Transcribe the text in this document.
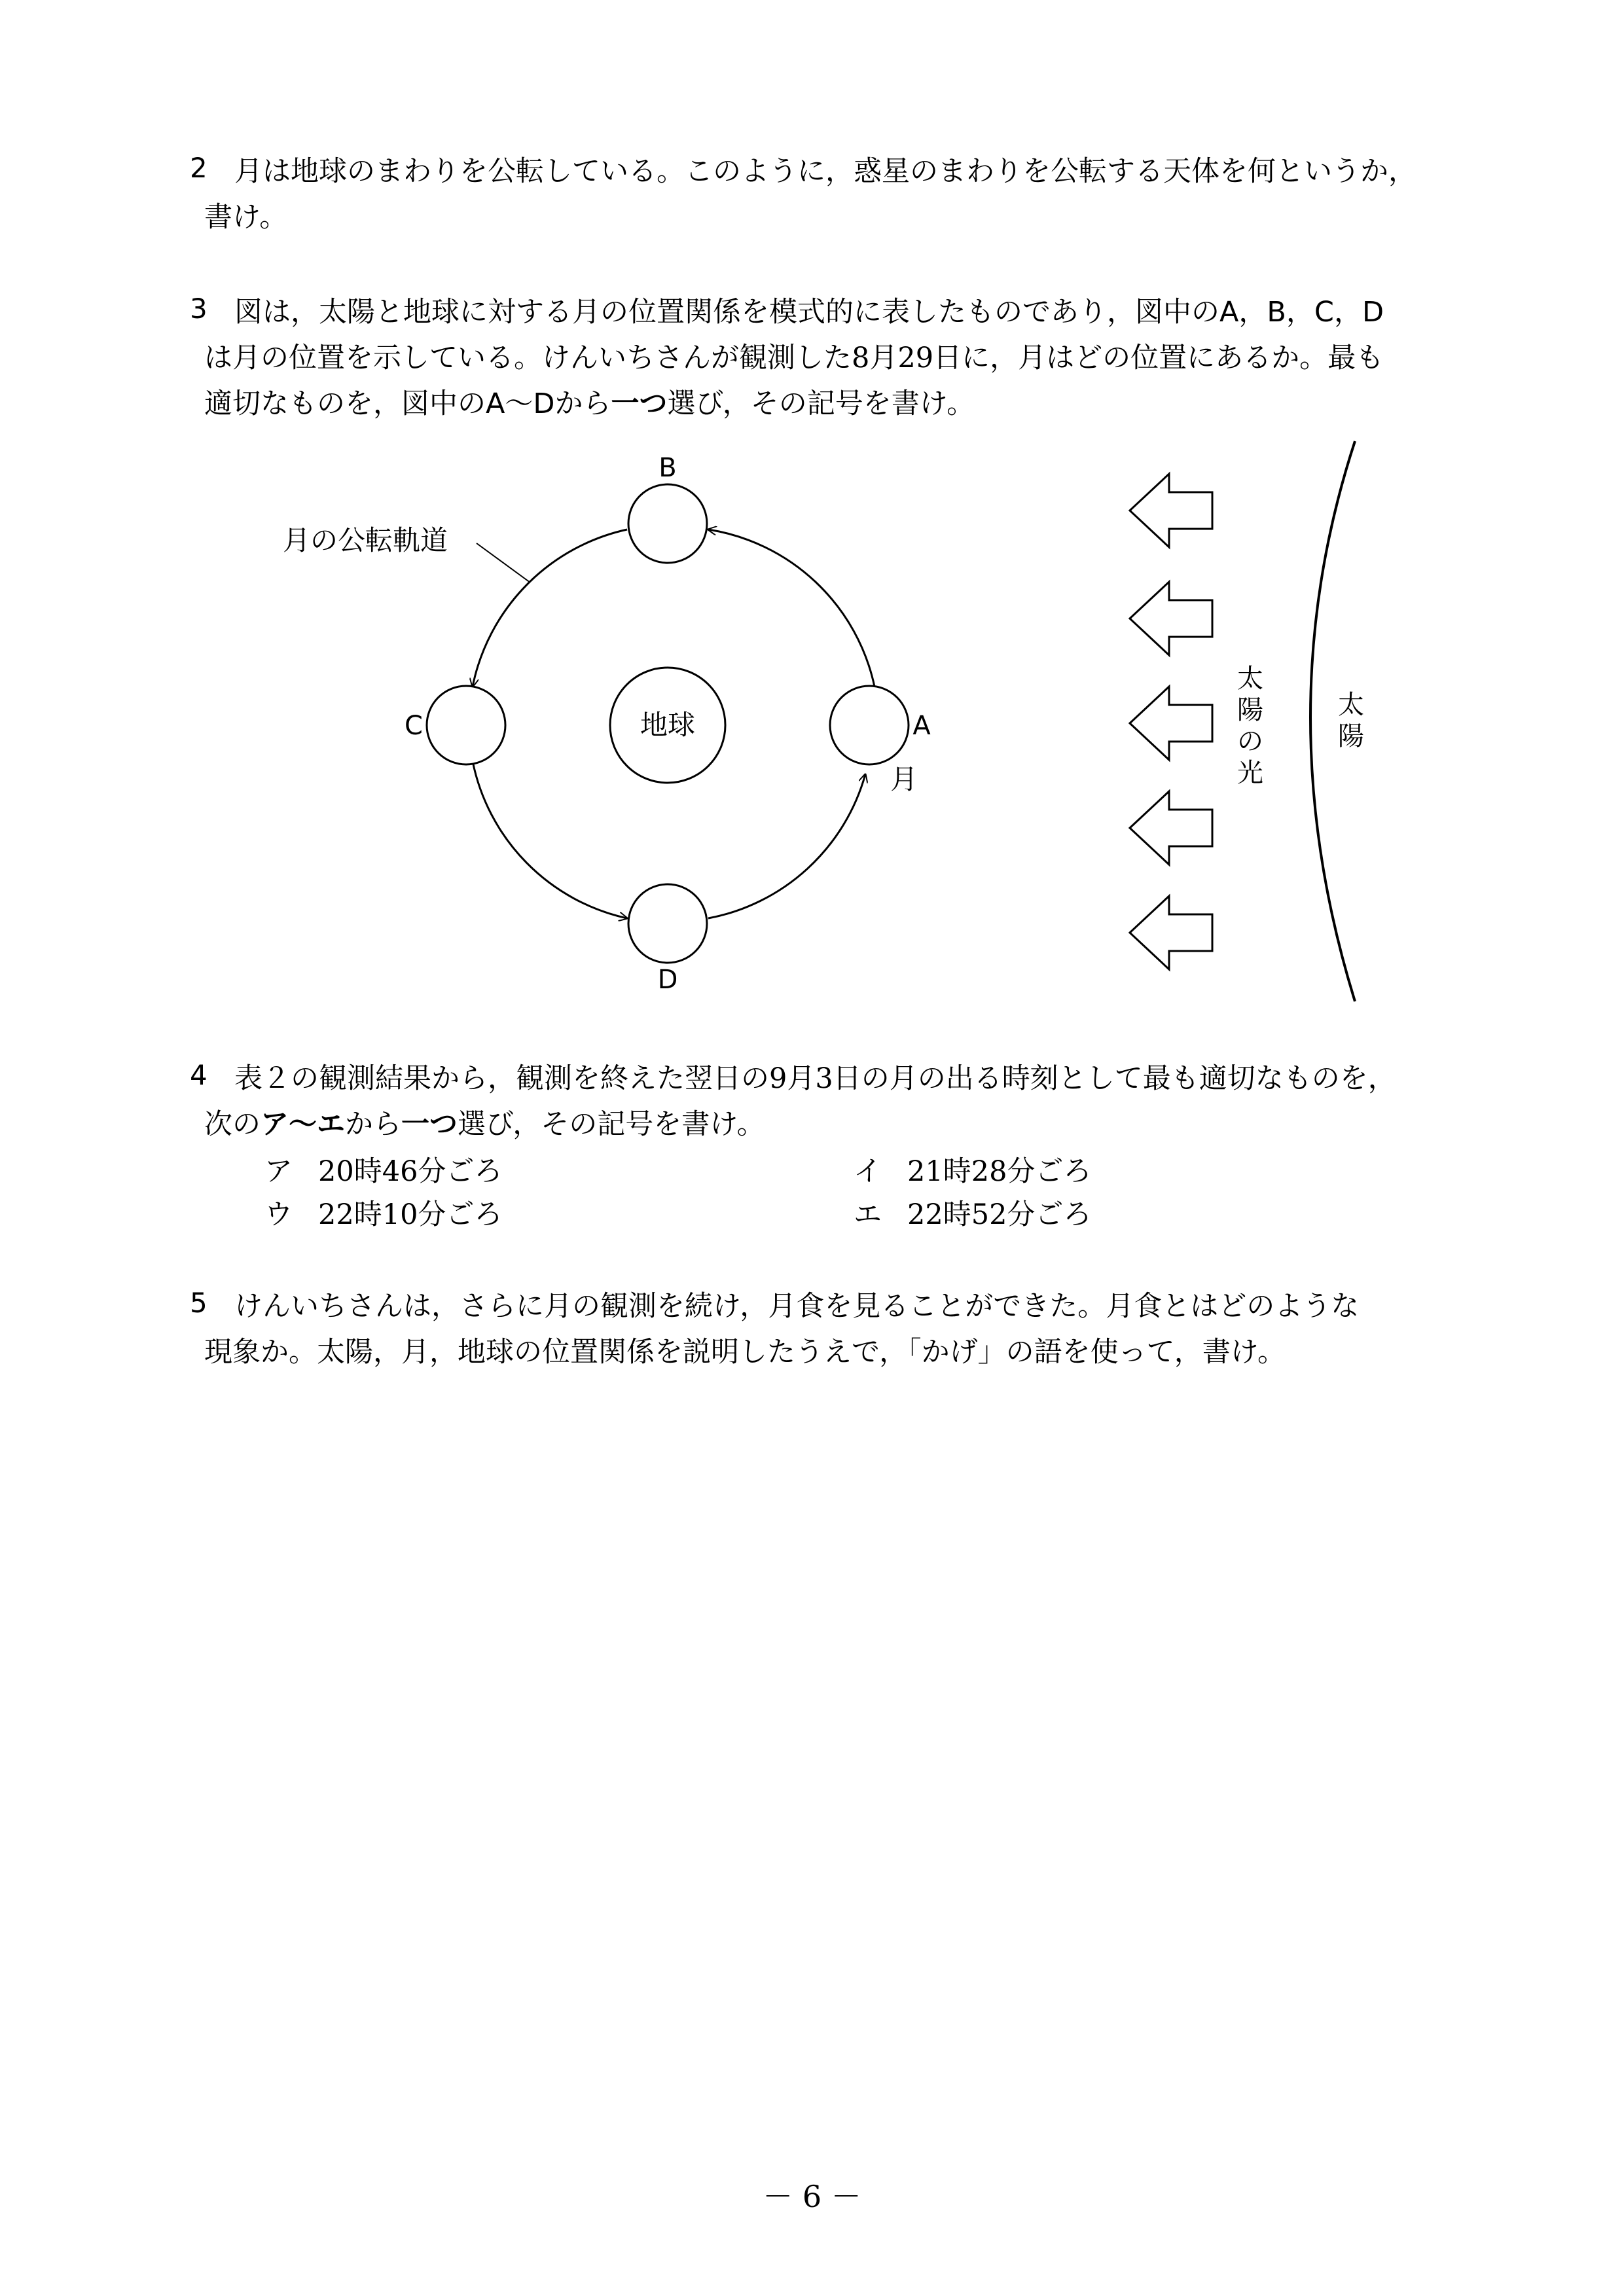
2 月は地球のまわりを公転している。このように，惑星のまわりを公転する天体を何というか，
書け。
3 図は，太陽と地球に対する月の位置関係を模式的に表したものであり，図中のA，B，C，D
は月の位置を示している。けんいちさんが観測した8月29日に，月はどの位置にあるか。最も
適切なものを，図中のA～Dから一つ選び，その記号を書け。
月の公転軌道
地球
B
C	A
D
月
太
陽
の
光
太
陽
4 表２の観測結果から，観測を終えた翌日の9月3日の月の出る時刻として最も適切なものを，
次のア～エから一つ選び，その記号を書け。
ア 20時46分ごろ	イ 21時28分ごろ
ウ 22時10分ごろ	エ 22時52分ごろ
5 けんいちさんは，さらに月の観測を続け，月食を見ることができた。月食とはどのような
現象か。太陽，月，地球の位置関係を説明したうえで，「かげ」の語を使って，書け。
－ 6 －
